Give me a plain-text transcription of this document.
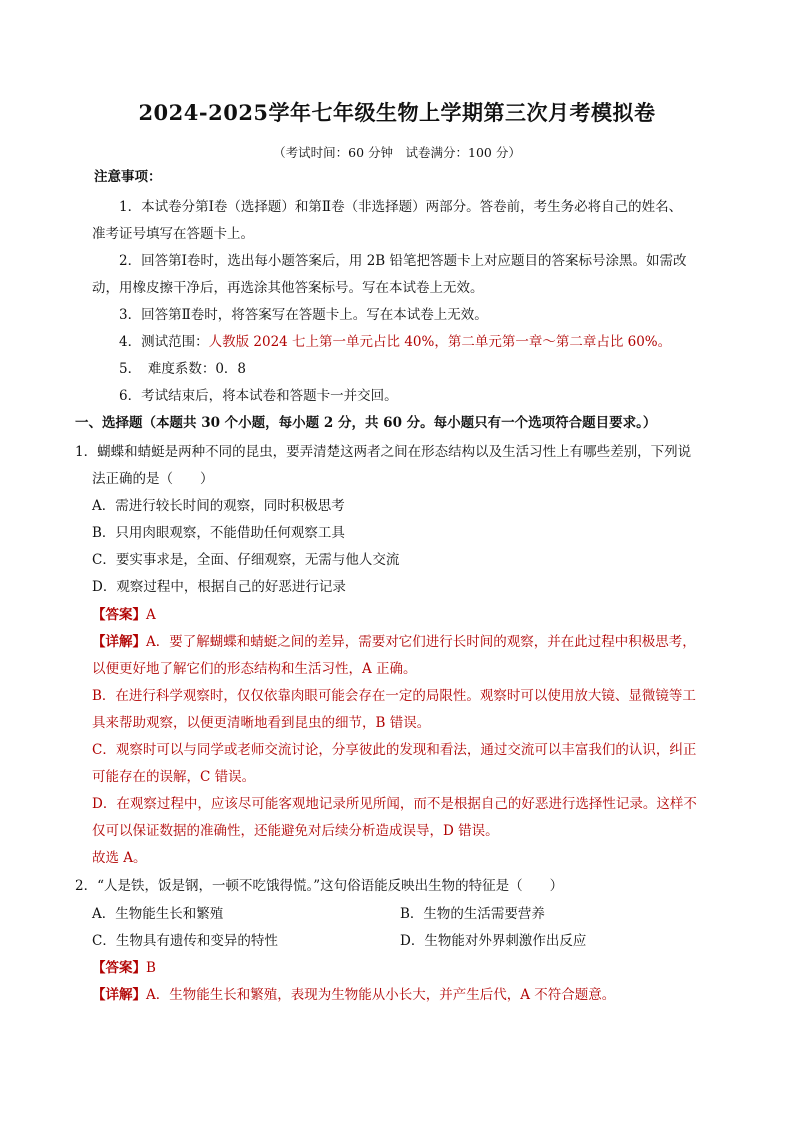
2024-2025学年七年级生物上学期第三次月考模拟卷
（考试时间：60 分钟　试卷满分：100 分）
注意事项：
1．本试卷分第Ⅰ卷（选择题）和第Ⅱ卷（非选择题）两部分。答卷前，考生务必将自己的姓名、
准考证号填写在答题卡上。
2．回答第Ⅰ卷时，选出每小题答案后，用 2B 铅笔把答题卡上对应题目的答案标号涂黑。如需改
动，用橡皮擦干净后，再选涂其他答案标号。写在本试卷上无效。
3．回答第Ⅱ卷时，将答案写在答题卡上。写在本试卷上无效。
4．测试范围：人教版 2024 七上第一单元占比 40%，第二单元第一章～第二章占比 60%。
5．　难度系数：0．8
6．考试结束后，将本试卷和答题卡一并交回。
一、选择题（本题共 30 个小题，每小题 2 分，共 60 分。每小题只有一个选项符合题目要求。）
1．蝴蝶和蜻蜓是两种不同的昆虫，要弄清楚这两者之间在形态结构以及生活习性上有哪些差别，下列说
法正确的是（　　）
A．需进行较长时间的观察，同时积极思考
B．只用肉眼观察，不能借助任何观察工具
C．要实事求是，全面、仔细观察，无需与他人交流
D．观察过程中，根据自己的好恶进行记录
【答案】A
【详解】A．要了解蝴蝶和蜻蜓之间的差异，需要对它们进行长时间的观察，并在此过程中积极思考，
以便更好地了解它们的形态结构和生活习性，A 正确。
B．在进行科学观察时，仅仅依靠肉眼可能会存在一定的局限性。观察时可以使用放大镜、显微镜等工
具来帮助观察，以便更清晰地看到昆虫的细节，B 错误。
C．观察时可以与同学或老师交流讨论，分享彼此的发现和看法，通过交流可以丰富我们的认识，纠正
可能存在的误解，C 错误。
D．在观察过程中，应该尽可能客观地记录所见所闻，而不是根据自己的好恶进行选择性记录。这样不
仅可以保证数据的准确性，还能避免对后续分析造成误导，D 错误。
故选 A。
2．“人是铁，饭是钢，一顿不吃饿得慌。”这句俗语能反映出生物的特征是（　　）
A．生物能生长和繁殖	B．生物的生活需要营养
C．生物具有遗传和变异的特性	D．生物能对外界刺激作出反应
【答案】B
【详解】A．生物能生长和繁殖，表现为生物能从小长大，并产生后代，A 不符合题意。
